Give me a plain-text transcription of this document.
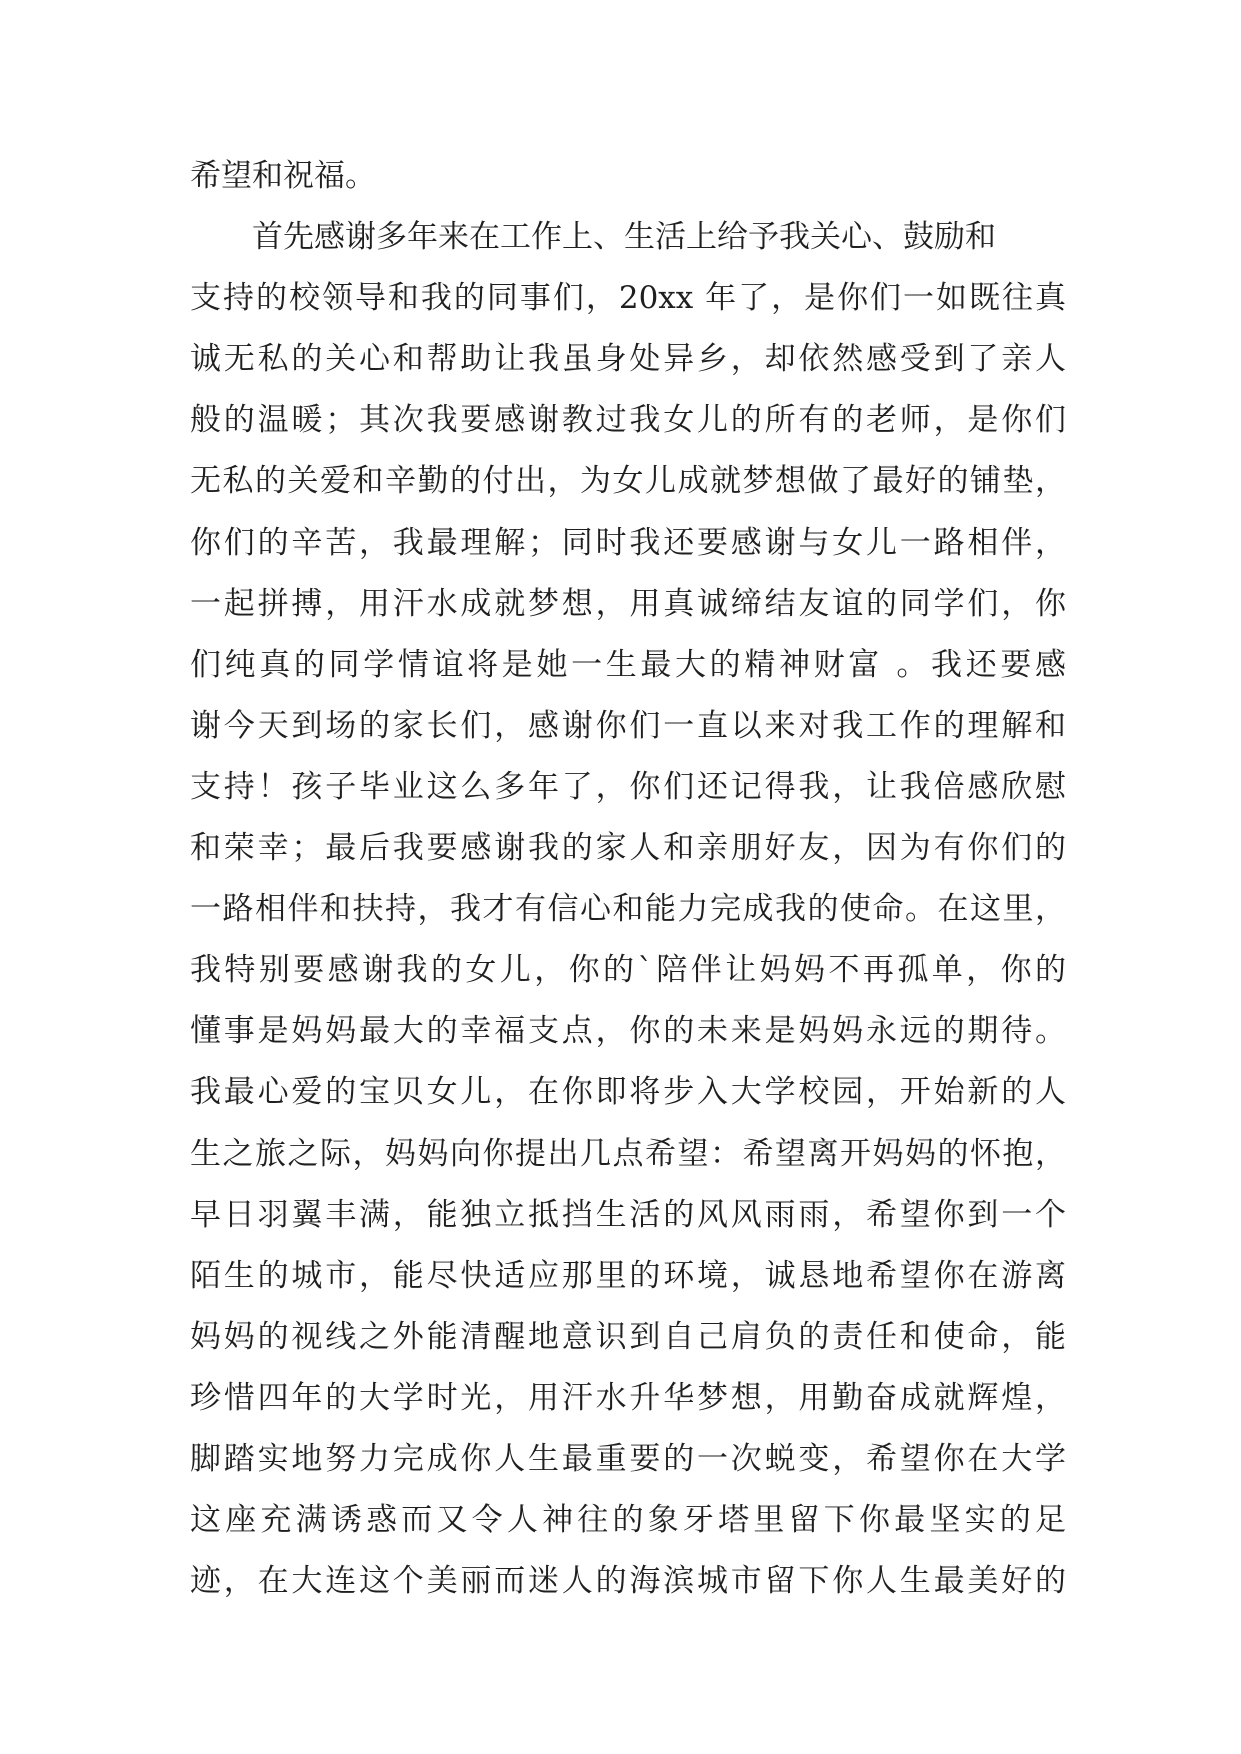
希望和祝福。
首先感谢多年来在工作上、生活上给予我关心、鼓励和
支持的校领导和我的同事们，20xx 年了，是你们一如既往真
诚无私的关心和帮助让我虽身处异乡，却依然感受到了亲人
般的温暖；其次我要感谢教过我女儿的所有的老师，是你们
无私的关爱和辛勤的付出，为女儿成就梦想做了最好的铺垫，
你们的辛苦，我最理解；同时我还要感谢与女儿一路相伴，
一起拼搏，用汗水成就梦想，用真诚缔结友谊的同学们，你
们纯真的同学情谊将是她一生最大的精神财富 。我还要感
谢今天到场的家长们，感谢你们一直以来对我工作的理解和
支持！孩子毕业这么多年了，你们还记得我，让我倍感欣慰
和荣幸；最后我要感谢我的家人和亲朋好友，因为有你们的
一路相伴和扶持，我才有信心和能力完成我的使命。在这里，
我特别要感谢我的女儿，你的`陪伴让妈妈不再孤单，你的
懂事是妈妈最大的幸福支点，你的未来是妈妈永远的期待。
我最心爱的宝贝女儿，在你即将步入大学校园，开始新的人
生之旅之际，妈妈向你提出几点希望：希望离开妈妈的怀抱，
早日羽翼丰满，能独立抵挡生活的风风雨雨，希望你到一个
陌生的城市，能尽快适应那里的环境，诚恳地希望你在游离
妈妈的视线之外能清醒地意识到自己肩负的责任和使命，能
珍惜四年的大学时光，用汗水升华梦想，用勤奋成就辉煌，
脚踏实地努力完成你人生最重要的一次蜕变，希望你在大学
这座充满诱惑而又令人神往的象牙塔里留下你最坚实的足
迹，在大连这个美丽而迷人的海滨城市留下你人生最美好的
